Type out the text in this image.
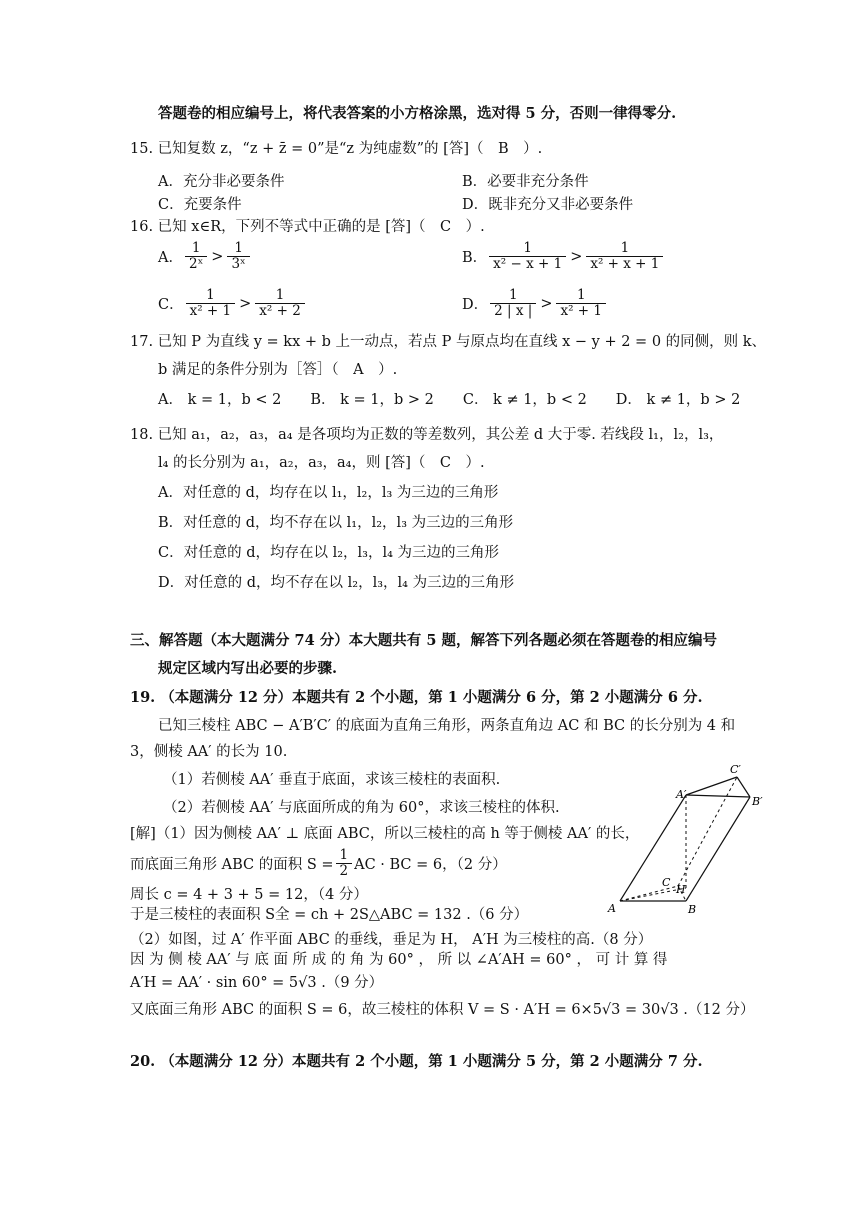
答题卷的相应编号上，将代表答案的小方格涂黑，选对得 5 分，否则一律得零分.
15. 已知复数 z，“z + z̄ = 0”是“z 为纯虚数”的 [答]（　B　）.
A．充分非必要条件	B．必要非充分条件
C．充要条件	D．既非充分又非必要条件
16. 已知 x∈R，下列不等式中正确的是 [答]（　C　）.
A． $\frac{1}{\text{2ˣ}} > \frac{1}{\text{3ˣ}}$	B． $\frac{1}{\text{x² − x + 1}} > \frac{1}{\text{x² + x + 1}}$
C． $\frac{1}{\text{x² + 1}} > \frac{1}{\text{x² + 2}}$	D． $\frac{1}{2 | x |} > \frac{1}{\text{x² + 1}}$
17. 已知 P 为直线 y = kx + b 上一动点，若点 P 与原点均在直线 x − y + 2 = 0 的同侧，则 k、
b 满足的条件分别为［答］（　A　）.
A． k = 1，b < 2　　B． k = 1，b > 2　　C． k ≠ 1，b < 2　　D． k ≠ 1，b > 2
18. 已知 a₁，a₂，a₃，a₄ 是各项均为正数的等差数列，其公差 d 大于零. 若线段 l₁，l₂，l₃，
l₄ 的长分别为 a₁，a₂，a₃，a₄，则 [答]（　C　）.
A．对任意的 d，均存在以 l₁，l₂，l₃ 为三边的三角形
B．对任意的 d，均不存在以 l₁，l₂，l₃ 为三边的三角形
C．对任意的 d，均存在以 l₂，l₃，l₄ 为三边的三角形
D．对任意的 d，均不存在以 l₂，l₃，l₄ 为三边的三角形
三、解答题（本大题满分 74 分）本大题共有 5 题，解答下列各题必须在答题卷的相应编号
规定区域内写出必要的步骤.
19. （本题满分 12 分）本题共有 2 个小题，第 1 小题满分 6 分，第 2 小题满分 6 分.
已知三棱柱 ABC − A′B′C′ 的底面为直角三角形，两条直角边 AC 和 BC 的长分别为 4 和
3，侧棱 AA′ 的长为 10.
（1）若侧棱 AA′ 垂直于底面，求该三棱柱的表面积.
（2）若侧棱 AA′ 与底面所成的角为 60°，求该三棱柱的体积.
[解]（1）因为侧棱 AA′ ⊥ 底面 ABC，所以三棱柱的高 h 等于侧棱 AA′ 的长，
而底面三角形 ABC 的面积 $S = \frac{1}{2}$ AC · BC = 6，（2 分）
周长 c = 4 + 3 + 5 = 12，（4 分）
于是三棱柱的表面积 S全 = ch + 2S△ABC = 132 .（6 分）
（2）如图，过 A′ 作平面 ABC 的垂线，垂足为 H， A′H 为三棱柱的高.（8 分）
因 为 侧 棱 AA′ 与 底 面 所 成 的 角 为 60° ， 所 以 ∠A′AH = 60° ， 可 计 算 得
A′H = AA′ · sin 60° = 5√3 .（9 分）
又底面三角形 ABC 的面积 S = 6，故三棱柱的体积 V = S · A′H = 6×5√3 = 30√3 .（12 分）
A	B
C
H
A′
B′
C′
20. （本题满分 12 分）本题共有 2 个小题，第 1 小题满分 5 分，第 2 小题满分 7 分.
